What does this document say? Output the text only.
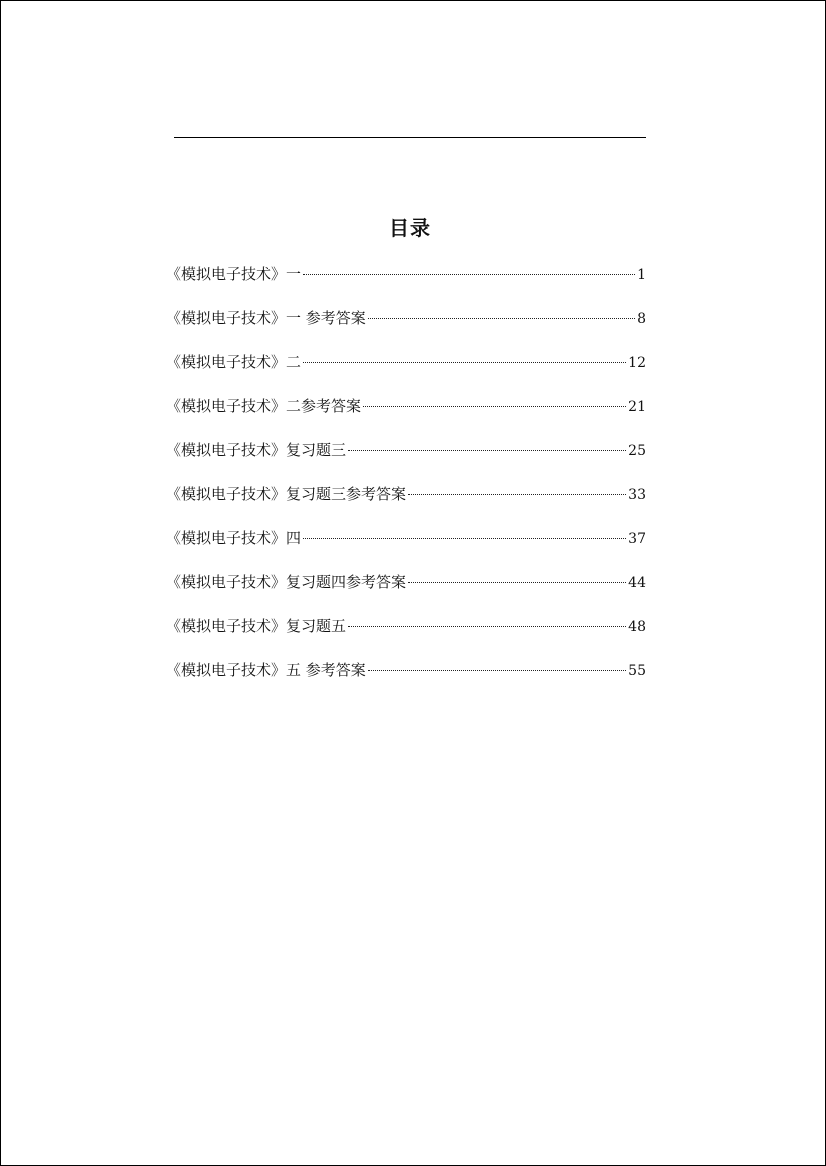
目录
《模拟电子技术》一	1
《模拟电子技术》一 参考答案	8
《模拟电子技术》二	12
《模拟电子技术》二参考答案	21
《模拟电子技术》复习题三	25
《模拟电子技术》复习题三参考答案	33
《模拟电子技术》四	37
《模拟电子技术》复习题四参考答案	44
《模拟电子技术》复习题五	48
《模拟电子技术》五 参考答案	55
